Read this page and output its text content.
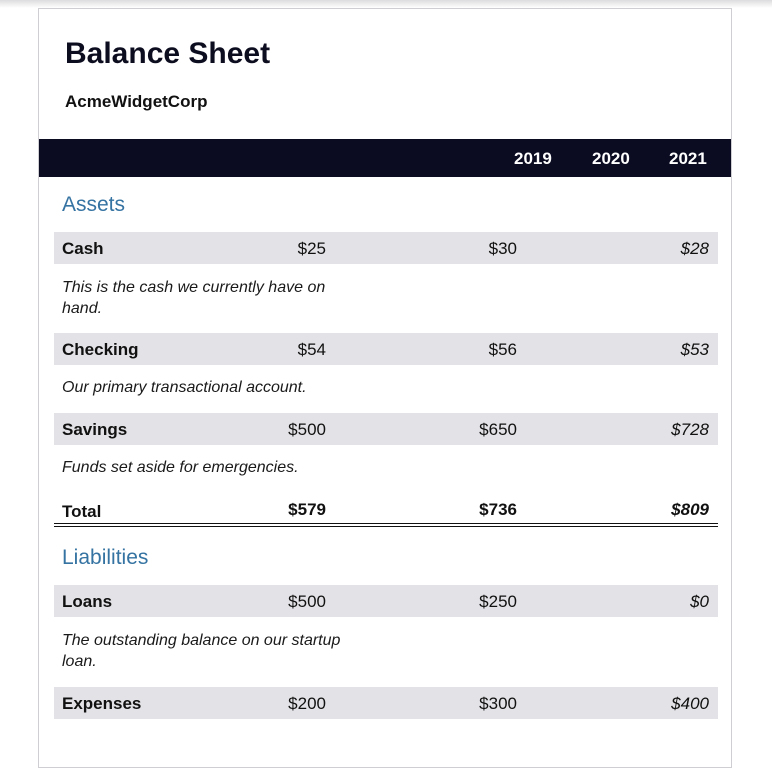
Balance Sheet
AcmeWidgetCorp
2019 2020 2021
Assets
Cash	$25	$30	$28
This is the cash we currently have on hand.
Checking	$54	$56	$53
Our primary transactional account.
Savings	$500	$650	$728
Funds set aside for emergencies.
Total	$579	$736	$809
Liabilities
Loans	$500	$250	$0
The outstanding balance on our startup loan.
Expenses	$200	$300	$400
